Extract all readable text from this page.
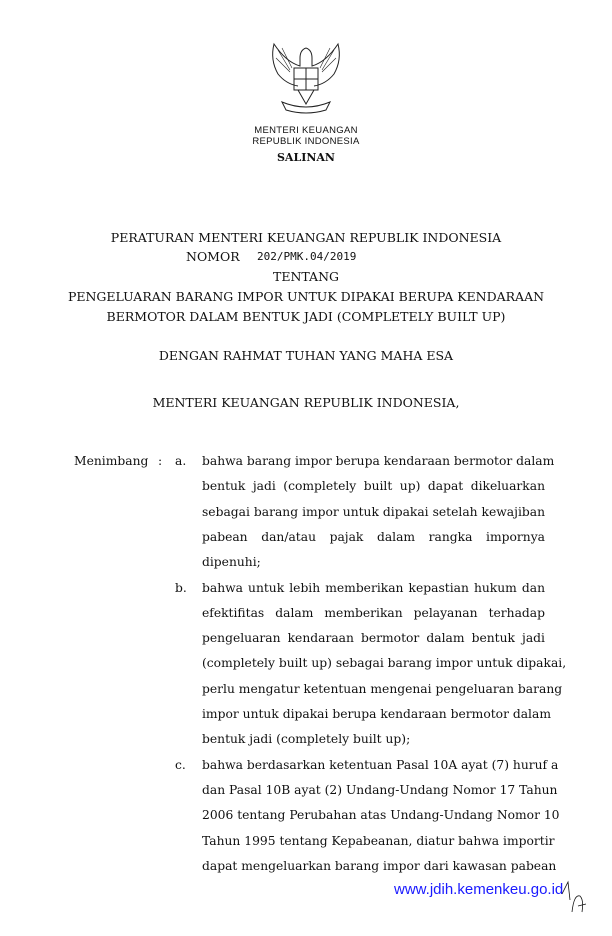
MENTERI KEUANGAN
REPUBLIK INDONESIA
SALINAN
PERATURAN MENTERI KEUANGAN REPUBLIK INDONESIA
NOMOR 202/PMK.04/2019
TENTANG
PENGELUARAN BARANG IMPOR UNTUK DIPAKAI BERUPA KENDARAAN
BERMOTOR DALAM BENTUK JADI (COMPLETELY BUILT UP)
DENGAN RAHMAT TUHAN YANG MAHA ESA
MENTERI KEUANGAN REPUBLIK INDONESIA,
Menimbang : a. bahwa barang impor berupa kendaraan bermotor dalam
bentuk jadi (completely built up) dapat dikeluarkan
sebagai barang impor untuk dipakai setelah kewajiban
pabean dan/atau pajak dalam rangka impornya
dipenuhi;
b. bahwa untuk lebih memberikan kepastian hukum dan
efektifitas dalam memberikan pelayanan terhadap
pengeluaran kendaraan bermotor dalam bentuk jadi
(completely built up) sebagai barang impor untuk dipakai,
perlu mengatur ketentuan mengenai pengeluaran barang
impor untuk dipakai berupa kendaraan bermotor dalam
bentuk jadi (completely built up);
c. bahwa berdasarkan ketentuan Pasal 10A ayat (7) huruf a
dan Pasal 10B ayat (2) Undang-Undang Nomor 17 Tahun
2006 tentang Perubahan atas Undang-Undang Nomor 10
Tahun 1995 tentang Kepabeanan, diatur bahwa importir
dapat mengeluarkan barang impor dari kawasan pabean
www.jdih.kemenkeu.go.id
